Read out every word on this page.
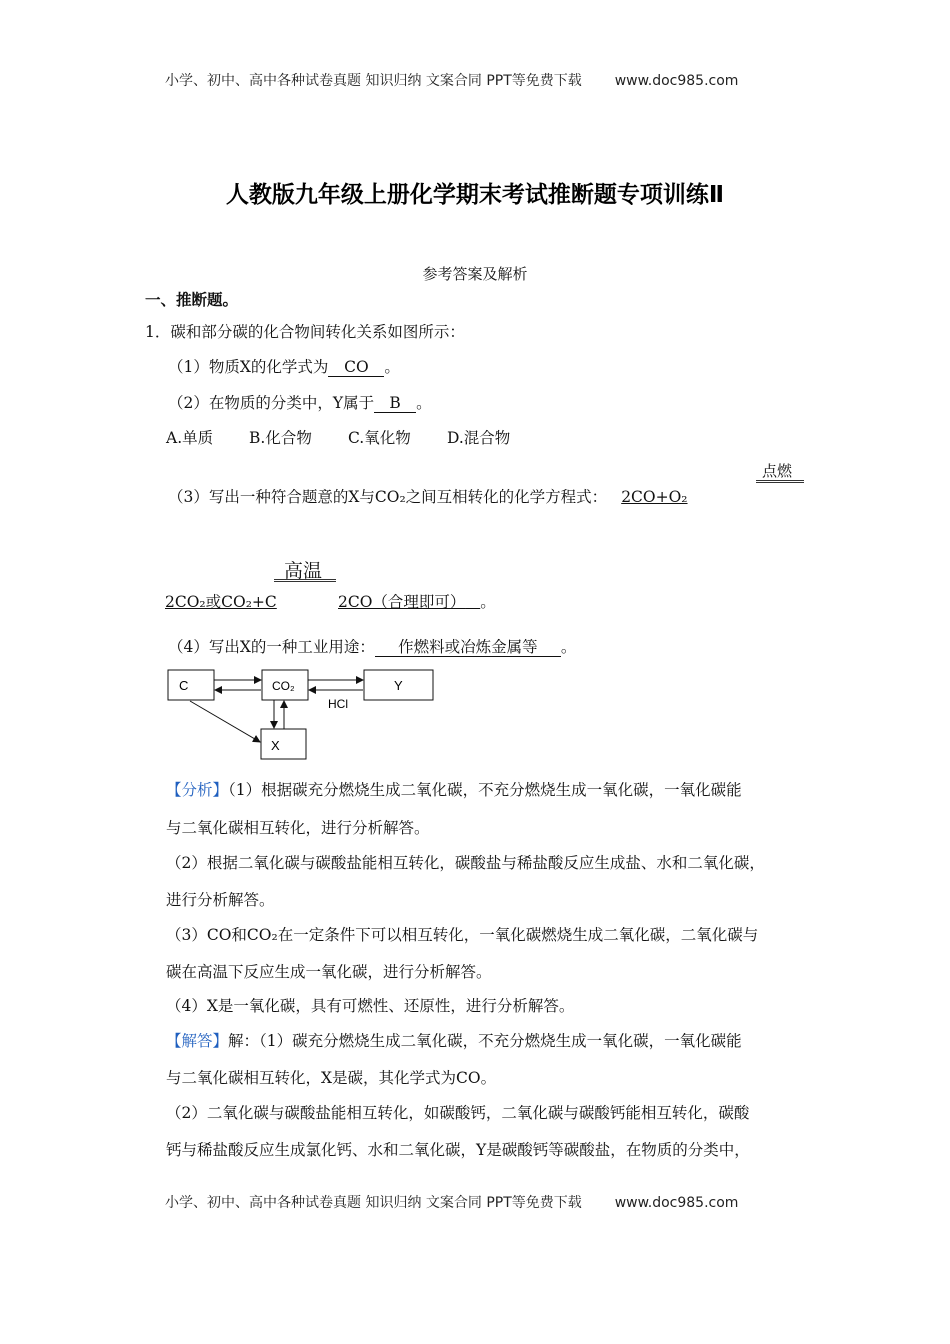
小学、初中、高中各种试卷真题 知识归纳 文案合同 PPT等免费下载 www.doc985.com
人教版九年级上册化学期末考试推断题专项训练Ⅱ
参考答案及解析
一、推断题。
1．碳和部分碳的化合物间转化关系如图所示：
（1）物质X的化学式为 CO 。
（2）在物质的分类中，Y属于 B 。
A.单质 B.化合物 C.氧化物 D.混合物
点燃
（3）写出一种符合题意的X与CO₂之间互相转化的化学方程式： 2CO+O₂
高温
2CO₂或CO₂+C	2CO（合理即可） 。
（4）写出X的一种工业用途： 作燃料或冶炼金属等 。
C	CO₂	Y
X
HCl
【分析】（1）根据碳充分燃烧生成二氧化碳，不充分燃烧生成一氧化碳，一氧化碳能
与二氧化碳相互转化，进行分析解答。
（2）根据二氧化碳与碳酸盐能相互转化，碳酸盐与稀盐酸反应生成盐、水和二氧化碳，
进行分析解答。
（3）CO和CO₂在一定条件下可以相互转化，一氧化碳燃烧生成二氧化碳，二氧化碳与
碳在高温下反应生成一氧化碳，进行分析解答。
（4）X是一氧化碳，具有可燃性、还原性，进行分析解答。
【解答】解：（1）碳充分燃烧生成二氧化碳，不充分燃烧生成一氧化碳，一氧化碳能
与二氧化碳相互转化，X是碳，其化学式为CO。
（2）二氧化碳与碳酸盐能相互转化，如碳酸钙，二氧化碳与碳酸钙能相互转化，碳酸
钙与稀盐酸反应生成氯化钙、水和二氧化碳，Y是碳酸钙等碳酸盐，在物质的分类中，
小学、初中、高中各种试卷真题 知识归纳 文案合同 PPT等免费下载 www.doc985.com
